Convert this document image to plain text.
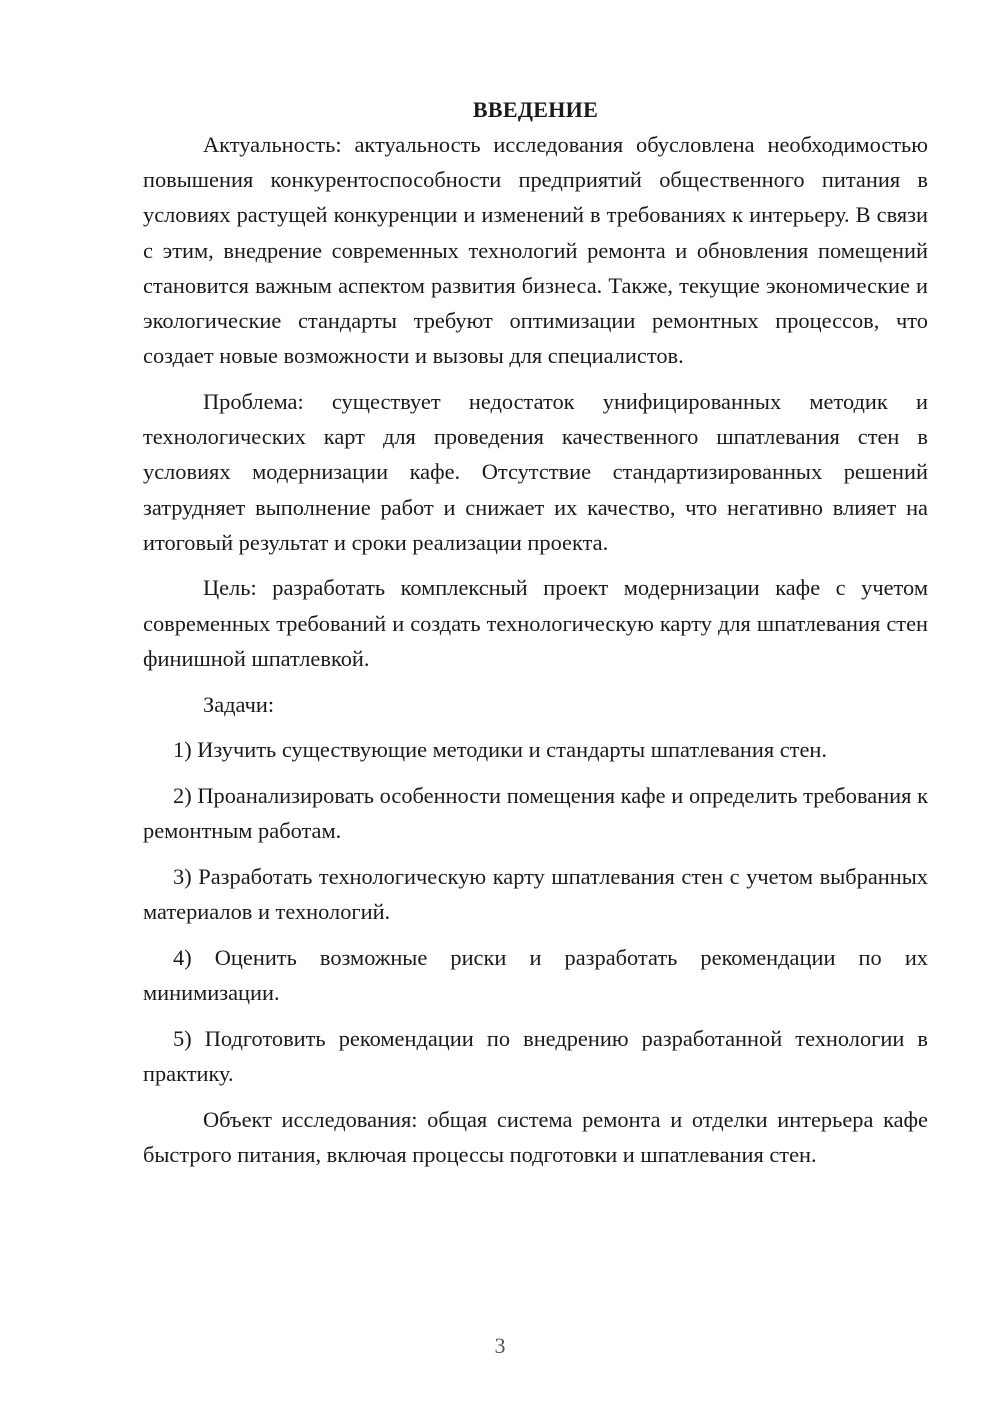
ВВЕДЕНИЕ

Актуальность: актуальность исследования обусловлена необходимостью повышения конкурентоспособности предприятий общественного питания в условиях растущей конкуренции и изменений в требованиях к интерьеру. В связи с этим, внедрение современных технологий ремонта и обновления помещений становится важным аспектом развития бизнеса. Также, текущие экономические и экологические стандарты требуют оптимизации ремонтных процессов, что создает новые возможности и вызовы для специалистов.

Проблема: существует недостаток унифицированных методик и технологических карт для проведения качественного шпатлевания стен в условиях модернизации кафе. Отсутствие стандартизированных решений затрудняет выполнение работ и снижает их качество, что негативно влияет на итоговый результат и сроки реализации проекта.

Цель: разработать комплексный проект модернизации кафе с учетом современных требований и создать технологическую карту для шпатлевания стен финишной шпатлевкой.

Задачи:

1) Изучить существующие методики и стандарты шпатлевания стен.

2) Проанализировать особенности помещения кафе и определить требования к ремонтным работам.

3) Разработать технологическую карту шпатлевания стен с учетом выбранных материалов и технологий.

4) Оценить возможные риски и разработать рекомендации по их минимизации.

5) Подготовить рекомендации по внедрению разработанной технологии в практику.

Объект исследования: общая система ремонта и отделки интерьера кафе быстрого питания, включая процессы подготовки и шпатлевания стен.

3
